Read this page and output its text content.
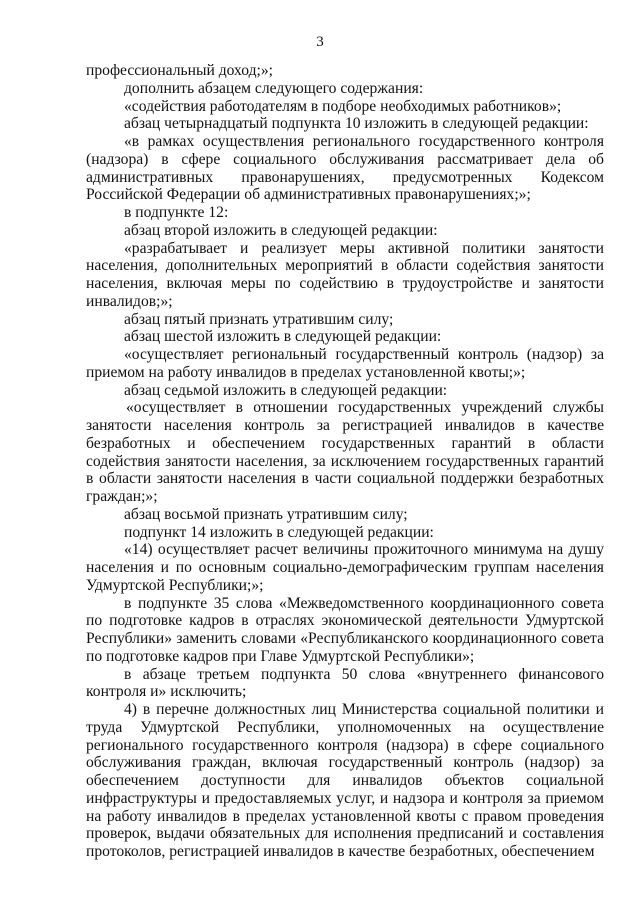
3

профессиональный доход;»;

дополнить абзацем следующего содержания:

«содействия работодателям в подборе необходимых работников»;

абзац четырнадцатый подпункта 10 изложить в следующей редакции:

«в рамках осуществления регионального государственного контроля (надзора) в сфере социального обслуживания рассматривает дела об административных правонарушениях, предусмотренных Кодексом Российской Федерации об административных правонарушениях;»;

в подпункте 12:

абзац второй изложить в следующей редакции:

«разрабатывает и реализует меры активной политики занятости населения, дополнительных мероприятий в области содействия занятости населения, включая меры по содействию в трудоустройстве и занятости инвалидов;»;

абзац пятый признать утратившим силу;

абзац шестой изложить в следующей редакции:

«осуществляет региональный государственный контроль (надзор) за приемом на работу инвалидов в пределах установленной квоты;»;

абзац седьмой изложить в следующей редакции:

«осуществляет в отношении государственных учреждений службы занятости населения контроль за регистрацией инвалидов в качестве безработных и обеспечением государственных гарантий в области содействия занятости населения, за исключением государственных гарантий в области занятости населения в части социальной поддержки безработных граждан;»;

абзац восьмой признать утратившим силу;

подпункт 14 изложить в следующей редакции:

«14) осуществляет расчет величины прожиточного минимума на душу населения и по основным социально-демографическим группам населения Удмуртской Республики;»;

в подпункте 35 слова «Межведомственного координационного совета по подготовке кадров в отраслях экономической деятельности Удмуртской Республики» заменить словами «Республиканского координационного совета по подготовке кадров при Главе Удмуртской Республики»;

в абзаце третьем подпункта 50 слова «внутреннего финансового контроля и» исключить;

4) в перечне должностных лиц Министерства социальной политики и труда Удмуртской Республики, уполномоченных на осуществление регионального государственного контроля (надзора) в сфере социального обслуживания граждан, включая государственный контроль (надзор) за обеспечением доступности для инвалидов объектов социальной инфраструктуры и предоставляемых услуг, и надзора и контроля за приемом на работу инвалидов в пределах установленной квоты с правом проведения проверок, выдачи обязательных для исполнения предписаний и составления протоколов, регистрацией инвалидов в качестве безработных, обеспечением
